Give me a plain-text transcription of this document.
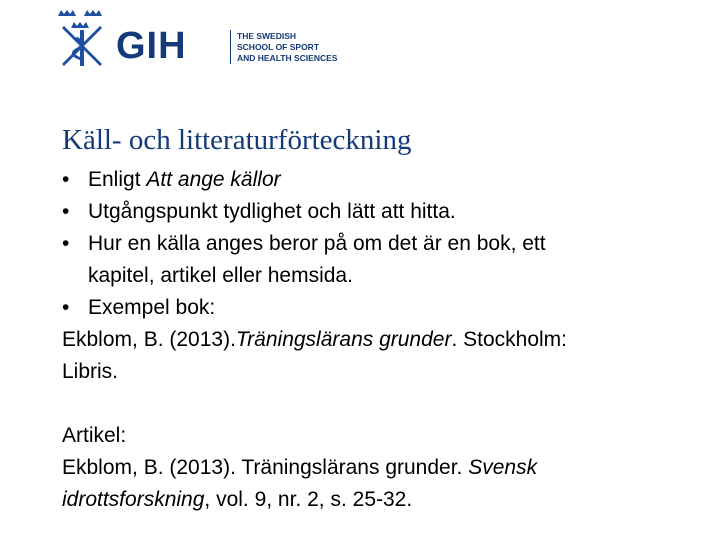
GIH	THE SWEDISH
SCHOOL OF SPORT
AND HEALTH SCIENCES
Käll- och litteraturförteckning
• Enligt Att ange källor
• Utgångspunkt tydlighet och lätt att hitta.
• Hur en källa anges beror på om det är en bok, ett
kapitel, artikel eller hemsida.
• Exempel bok:
Ekblom, B. (2013).Träningslärans grunder. Stockholm:
Libris.
Artikel:
Ekblom, B. (2013). Träningslärans grunder. Svensk
idrottsforskning, vol. 9, nr. 2, s. 25-32.
